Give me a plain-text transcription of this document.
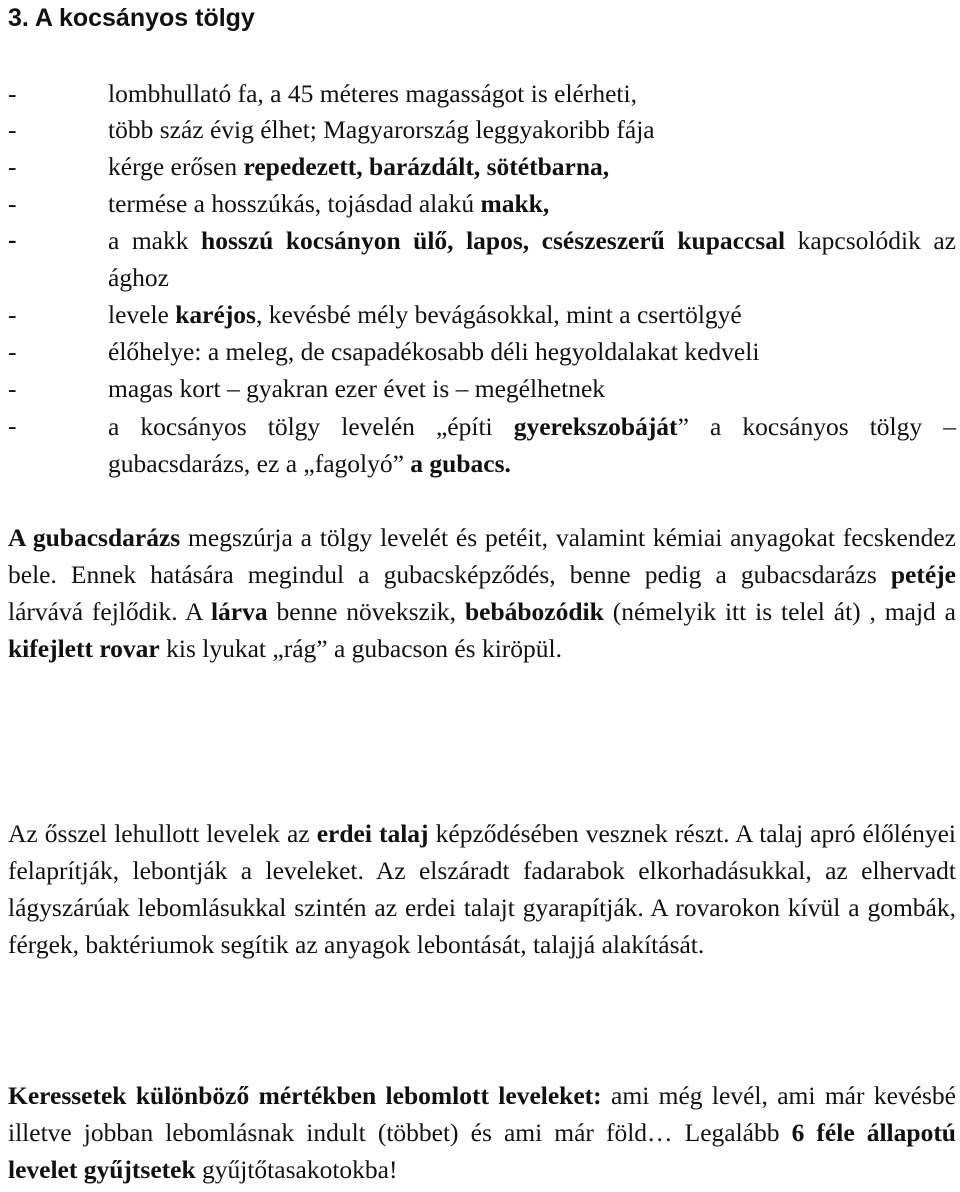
3. A kocsányos tölgy
-	lombhullató fa, a 45 méteres magasságot is elérheti,
-	több száz évig élhet; Magyarország leggyakoribb fája
-	kérge erősen repedezett, barázdált, sötétbarna,
-	termése a hosszúkás, tojásdad alakú makk,
-	a makk hosszú kocsányon ülő, lapos, csészeszerű kupaccsal kapcsolódik az ághoz
-	levele karéjos, kevésbé mély bevágásokkal, mint a csertölgyé
-	élőhelye: a meleg, de csapadékosabb déli hegyoldalakat kedveli
-	magas kort – gyakran ezer évet is – megélhetnek
-	a kocsányos tölgy levelén „építi gyerekszobáját” a kocsányos tölgy – gubacsdarázs, ez a „fagolyó” a gubacs.
A gubacsdarázs megszúrja a tölgy levelét és petéit, valamint kémiai anyagokat fecskendez bele. Ennek hatására megindul a gubacsképződés, benne pedig a gubacsdarázs petéje lárvává fejlődik. A lárva benne növekszik, bebábozódik (némelyik itt is telel át) , majd a kifejlett rovar kis lyukat „rág” a gubacson és kiröpül.
Az ősszel lehullott levelek az erdei talaj képződésében vesznek részt. A talaj apró élőlényei felaprítják, lebontják a leveleket. Az elszáradt fadarabok elkorhadásukkal, az elhervadt lágyszárúak lebomlásukkal szintén az erdei talajt gyarapítják. A rovarokon kívül a gombák, férgek, baktériumok segítik az anyagok lebontását, talajjá alakítását.
Keressetek különböző mértékben lebomlott leveleket: ami még levél, ami már kevésbé illetve jobban lebomlásnak indult (többet) és ami már föld… Legalább 6 féle állapotú levelet gyűjtsetek gyűjtőtasakotokba!
